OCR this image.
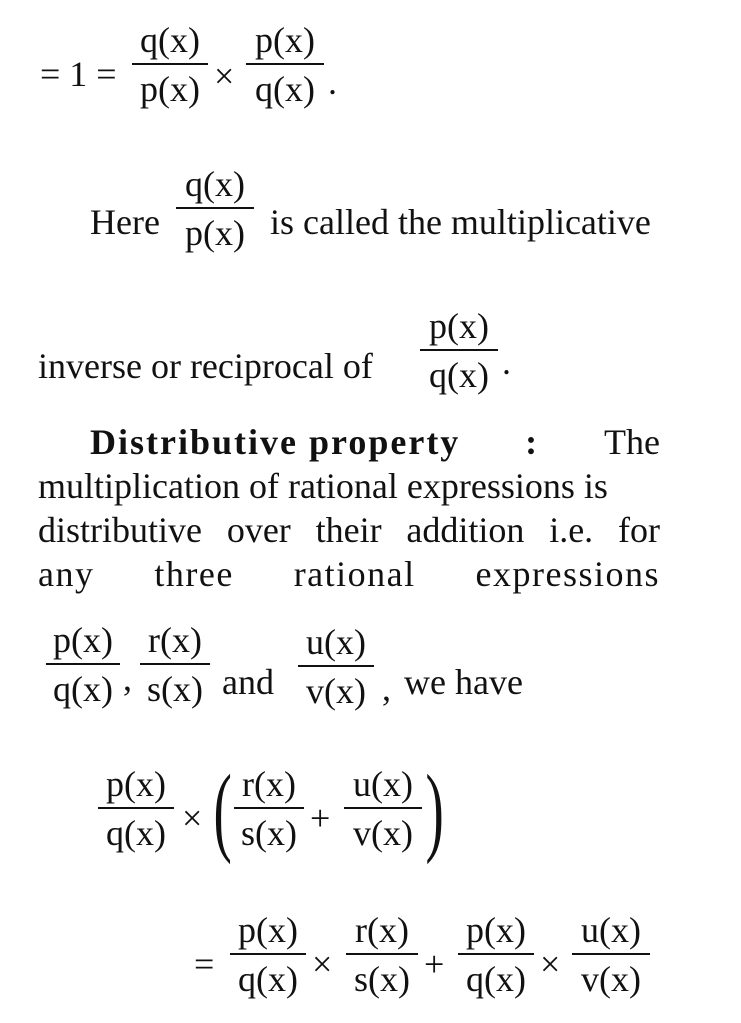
= 1 =
q(x)
p(x) ×
p(x)
q(x) .
Here
q(x)
p(x) is called the multiplicative
inverse or reciprocal of
p(x)
q(x) .
Distributive property : The
multiplication of rational expressions is
distributive over their addition i.e. for
any three rational expressions
p(x)
q(x) ,
r(x)
s(x) and
u(x)
v(x) , we have
p(x)
q(x) × ( r(x)
s(x) +
u(x)
v(x) )
=
p(x)
q(x) ×
r(x)
s(x) +
p(x)
q(x) ×
u(x)
v(x)
